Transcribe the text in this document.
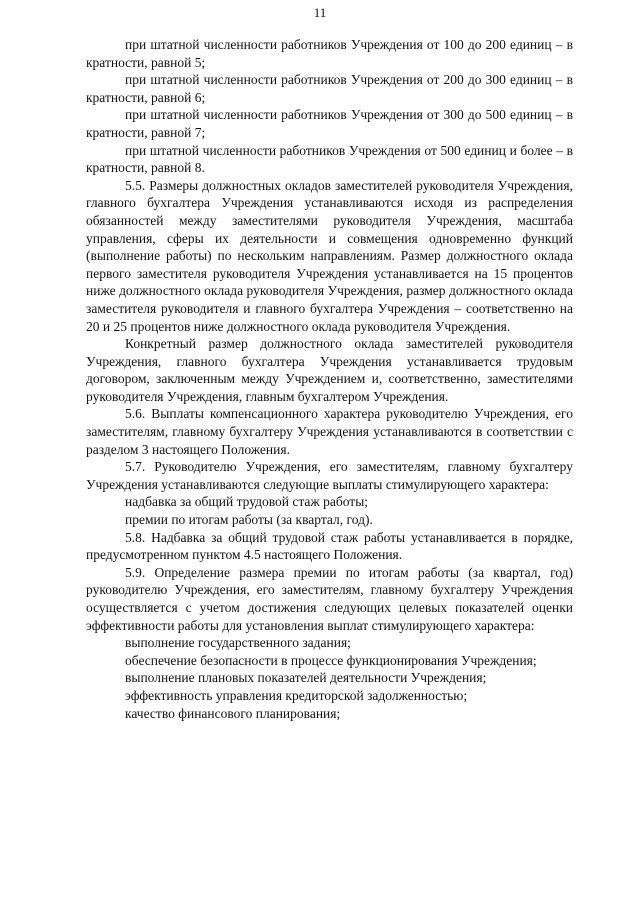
11

при штатной численности работников Учреждения от 100 до 200 единиц – в кратности, равной 5;

при штатной численности работников Учреждения от 200 до 300 единиц – в кратности, равной 6;

при штатной численности работников Учреждения от 300 до 500 единиц – в кратности, равной 7;

при штатной численности работников Учреждения от 500 единиц и более – в кратности, равной 8.

5.5. Размеры должностных окладов заместителей руководителя Учреждения, главного бухгалтера Учреждения устанавливаются исходя из распределения обязанностей между заместителями руководителя Учреждения, масштаба управления, сферы их деятельности и совмещения одновременно функций (выполнение работы) по нескольким направлениям. Размер должностного оклада первого заместителя руководителя Учреждения устанавливается на 15 процентов ниже должностного оклада руководителя Учреждения, размер должностного оклада заместителя руководителя и главного бухгалтера Учреждения – соответственно на 20 и 25 процентов ниже должностного оклада руководителя Учреждения.

Конкретный размер должностного оклада заместителей руководителя Учреждения, главного бухгалтера Учреждения устанавливается трудовым договором, заключенным между Учреждением и, соответственно, заместителями руководителя Учреждения, главным бухгалтером Учреждения.

5.6. Выплаты компенсационного характера руководителю Учреждения, его заместителям, главному бухгалтеру Учреждения устанавливаются в соответствии с разделом 3 настоящего Положения.

5.7. Руководителю Учреждения, его заместителям, главному бухгалтеру Учреждения устанавливаются следующие выплаты стимулирующего характера:

надбавка за общий трудовой стаж работы;

премии по итогам работы (за квартал, год).

5.8. Надбавка за общий трудовой стаж работы устанавливается в порядке, предусмотренном пунктом 4.5 настоящего Положения.

5.9. Определение размера премии по итогам работы (за квартал, год) руководителю Учреждения, его заместителям, главному бухгалтеру Учреждения осуществляется с учетом достижения следующих целевых показателей оценки эффективности работы для установления выплат стимулирующего характера:

выполнение государственного задания;

обеспечение безопасности в процессе функционирования Учреждения;

выполнение плановых показателей деятельности Учреждения;

эффективность управления кредиторской задолженностью;

качество финансового планирования;
